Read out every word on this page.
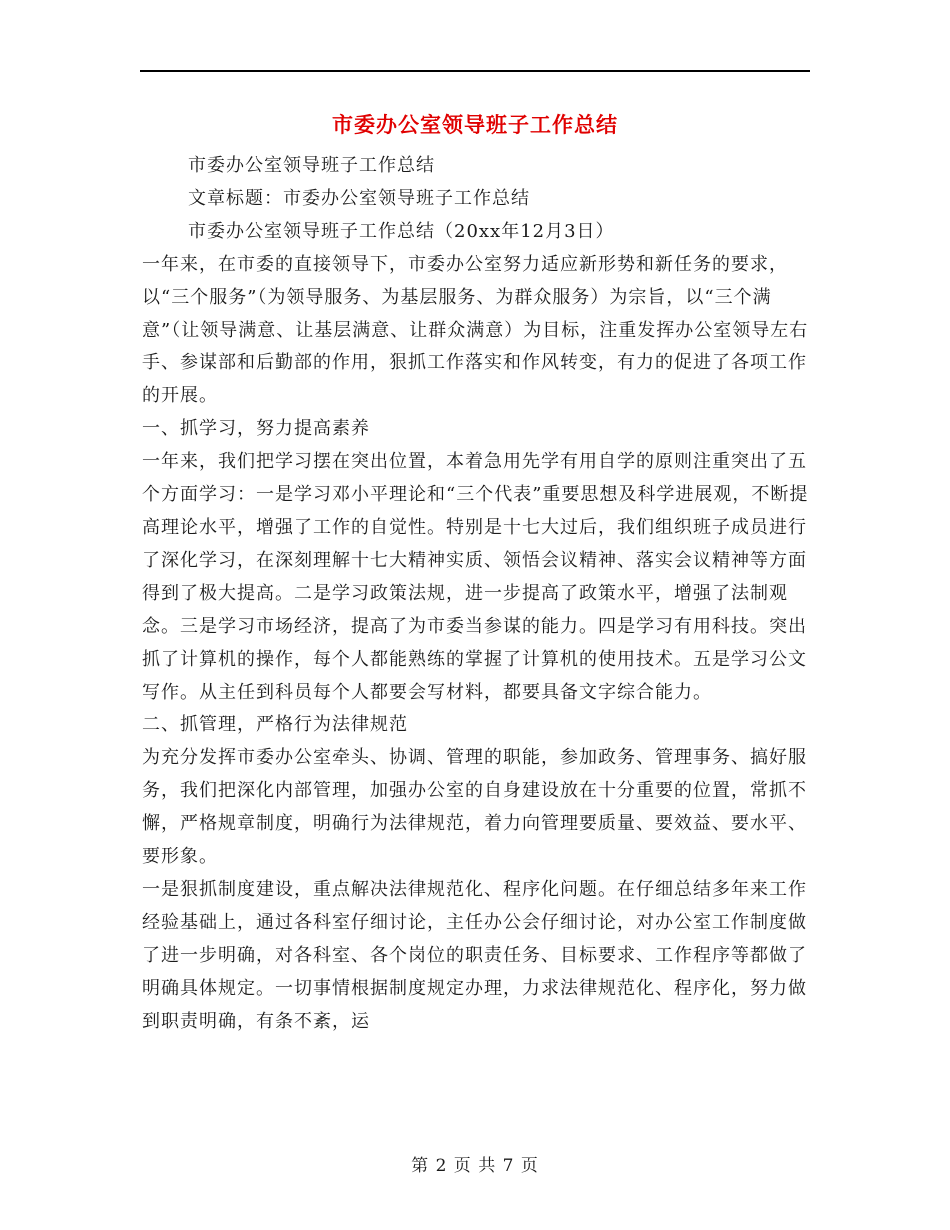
市委办公室领导班子工作总结

市委办公室领导班子工作总结

文章标题：市委办公室领导班子工作总结

市委办公室领导班子工作总结（20xx年12月3日）

一年来，在市委的直接领导下，市委办公室努力适应新形势和新任务的要求，以“三个服务”（为领导服务、为基层服务、为群众服务）为宗旨，以“三个满意”（让领导满意、让基层满意、让群众满意）为目标，注重发挥办公室领导左右手、参谋部和后勤部的作用，狠抓工作落实和作风转变，有力的促进了各项工作的开展。

一、抓学习，努力提高素养

一年来，我们把学习摆在突出位置，本着急用先学有用自学的原则注重突出了五个方面学习：一是学习邓小平理论和“三个代表”重要思想及科学进展观，不断提高理论水平，增强了工作的自觉性。特别是十七大过后，我们组织班子成员进行了深化学习，在深刻理解十七大精神实质、领悟会议精神、落实会议精神等方面得到了极大提高。二是学习政策法规，进一步提高了政策水平，增强了法制观念。三是学习市场经济，提高了为市委当参谋的能力。四是学习有用科技。突出抓了计算机的操作，每个人都能熟练的掌握了计算机的使用技术。五是学习公文写作。从主任到科员每个人都要会写材料，都要具备文字综合能力。

二、抓管理，严格行为法律规范

为充分发挥市委办公室牵头、协调、管理的职能，参加政务、管理事务、搞好服务，我们把深化内部管理，加强办公室的自身建设放在十分重要的位置，常抓不懈，严格规章制度，明确行为法律规范，着力向管理要质量、要效益、要水平、要形象。

一是狠抓制度建设，重点解决法律规范化、程序化问题。在仔细总结多年来工作经验基础上，通过各科室仔细讨论，主任办公会仔细讨论，对办公室工作制度做了进一步明确，对各科室、各个岗位的职责任务、目标要求、工作程序等都做了明确具体规定。一切事情根据制度规定办理，力求法律规范化、程序化，努力做到职责明确，有条不紊，运

第 2 页 共 7 页
